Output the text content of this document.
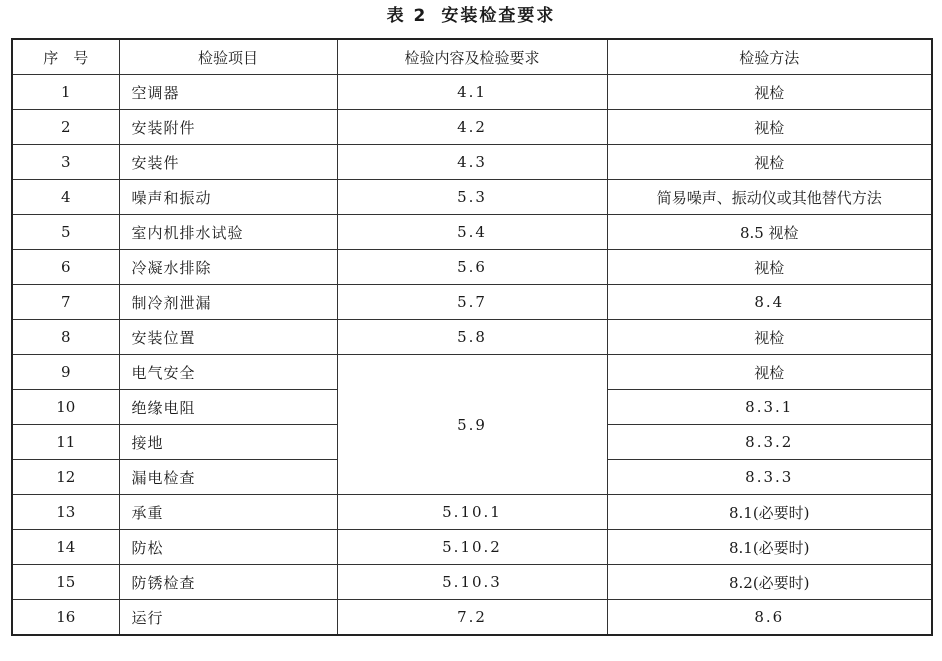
表 2 安装检查要求
序　号	检验项目	检验内容及检验要求	检验方法
1	空调器	4.1	视检
2	安装附件	4.2	视检
3	安装件	4.3	视检
4	噪声和振动	5.3	简易噪声、振动仪或其他替代方法
5	室内机排水试验	5.4	8.5 视检
6	冷凝水排除	5.6	视检
7	制冷剂泄漏	5.7	8.4
8	安装位置	5.8	视检
9	电气安全	5.9	视检
10	绝缘电阻		8.3.1
11	接地		8.3.2
12	漏电检查		8.3.3
13	承重	5.10.1	8.1(必要时)
14	防松	5.10.2	8.1(必要时)
15	防锈检查	5.10.3	8.2(必要时)
16	运行	7.2	8.6
